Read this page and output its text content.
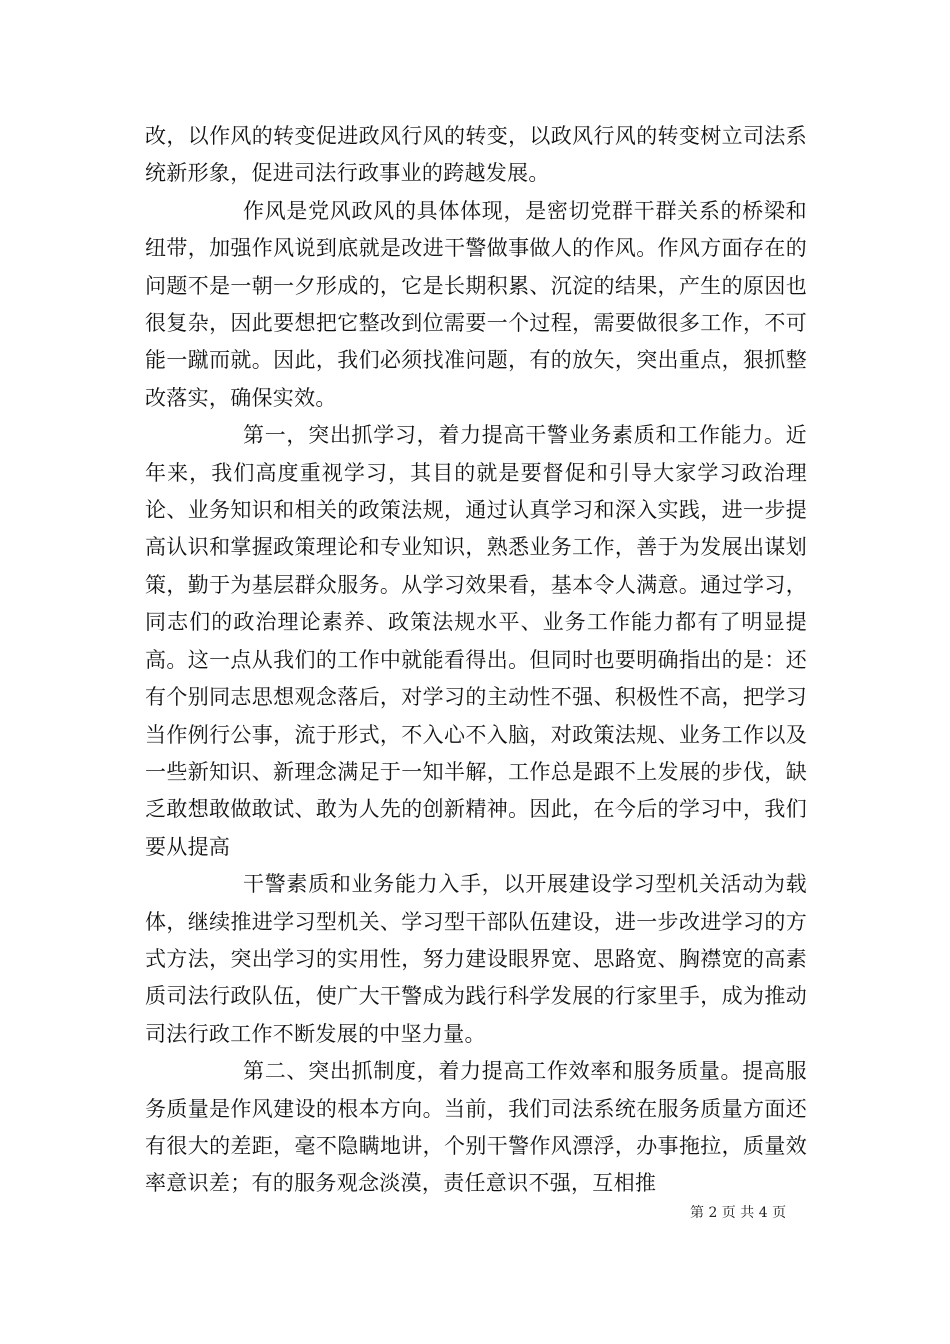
改，以作风的转变促进政风行风的转变，以政风行风的转变树立司法系统新形象，促进司法行政事业的跨越发展。

作风是党风政风的具体体现，是密切党群干群关系的桥梁和纽带，加强作风说到底就是改进干警做事做人的作风。作风方面存在的问题不是一朝一夕形成的，它是长期积累、沉淀的结果，产生的原因也很复杂，因此要想把它整改到位需要一个过程，需要做很多工作，不可能一蹴而就。因此，我们必须找准问题，有的放矢，突出重点，狠抓整改落实，确保实效。

第一，突出抓学习，着力提高干警业务素质和工作能力。近年来，我们高度重视学习，其目的就是要督促和引导大家学习政治理论、业务知识和相关的政策法规，通过认真学习和深入实践，进一步提高认识和掌握政策理论和专业知识，熟悉业务工作，善于为发展出谋划策，勤于为基层群众服务。从学习效果看，基本令人满意。通过学习，同志们的政治理论素养、政策法规水平、业务工作能力都有了明显提高。这一点从我们的工作中就能看得出。但同时也要明确指出的是：还有个别同志思想观念落后，对学习的主动性不强、积极性不高，把学习当作例行公事，流于形式，不入心不入脑，对政策法规、业务工作以及一些新知识、新理念满足于一知半解，工作总是跟不上发展的步伐，缺乏敢想敢做敢试、敢为人先的创新精神。因此，在今后的学习中，我们要从提高

干警素质和业务能力入手，以开展建设学习型机关活动为载体，继续推进学习型机关、学习型干部队伍建设，进一步改进学习的方式方法，突出学习的实用性，努力建设眼界宽、思路宽、胸襟宽的高素质司法行政队伍，使广大干警成为践行科学发展的行家里手，成为推动司法行政工作不断发展的中坚力量。

第二、突出抓制度，着力提高工作效率和服务质量。提高服务质量是作风建设的根本方向。当前，我们司法系统在服务质量方面还有很大的差距，毫不隐瞒地讲，个别干警作风漂浮，办事拖拉，质量效率意识差；有的服务观念淡漠，责任意识不强，互相推

第 2 页 共 4 页
